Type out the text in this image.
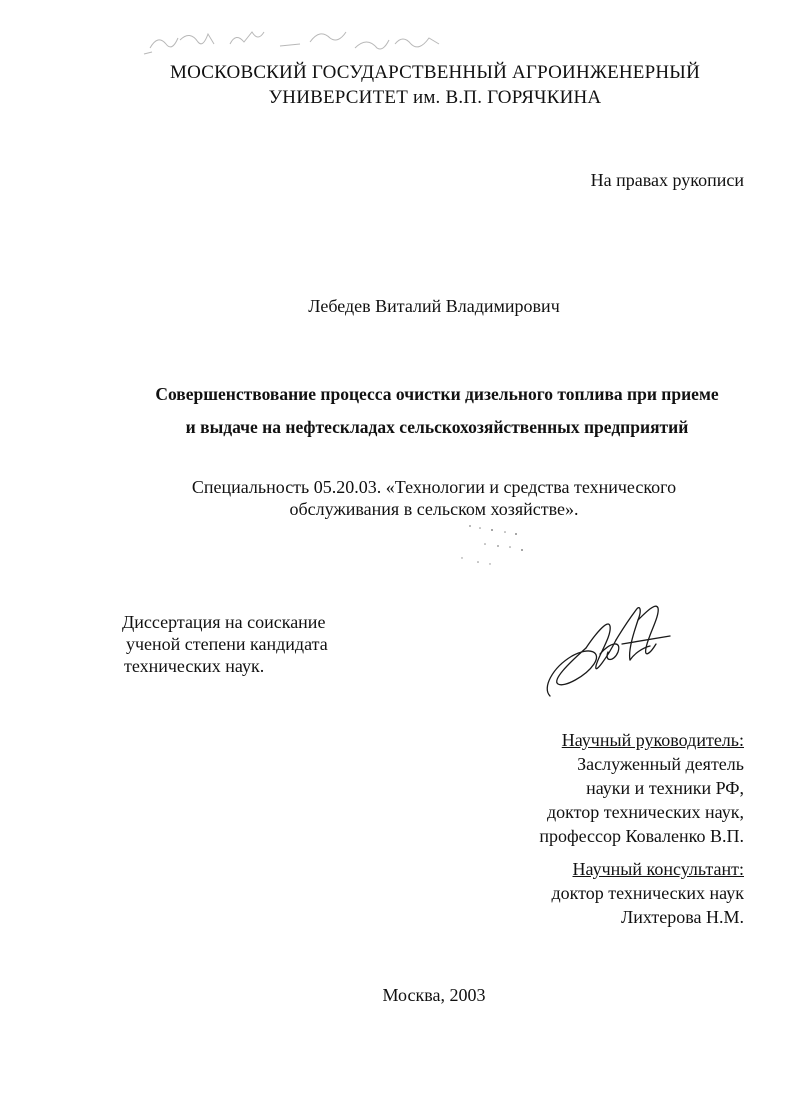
МОСКОВСКИЙ ГОСУДАРСТВЕННЫЙ АГРОИНЖЕНЕРНЫЙ
УНИВЕРСИТЕТ им. В.П. ГОРЯЧКИНА
На правах рукописи
Лебедев Виталий Владимирович
Совершенствование процесса очистки дизельного топлива при приеме
и выдаче на нефтескладах сельскохозяйственных предприятий
Специальность 05.20.03. «Технологии и средства технического
обслуживания в сельском хозяйстве».
Диссертация на соискание
ученой степени кандидата
технических наук.
Научный руководитель:
Заслуженный деятель
науки и техники РФ,
доктор технических наук,
профессор Коваленко В.П.
Научный консультант:
доктор технических наук
Лихтерова Н.М.
Москва, 2003
